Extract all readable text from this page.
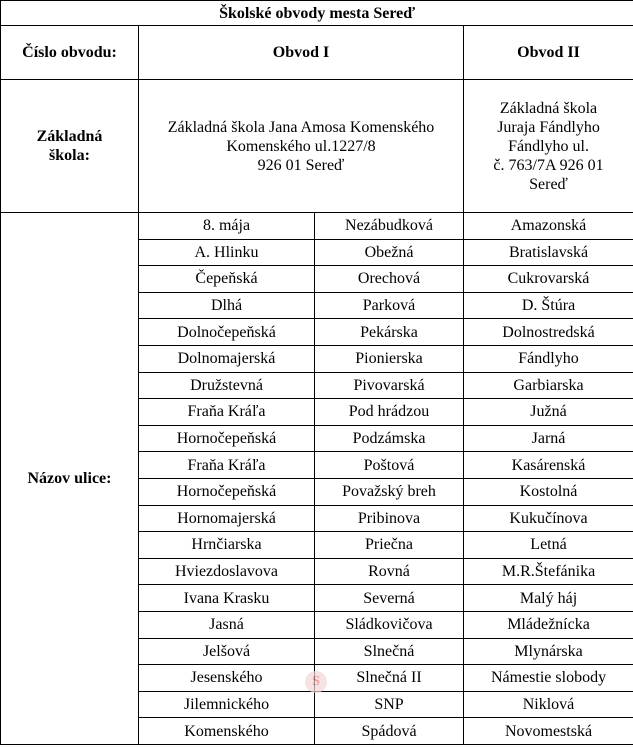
Školské obvody mesta Sereď			
Číslo obvodu:	Obvod I		Obvod II

Základná
škola:	Základná škola Jana Amosa Komenského
Komenského ul.1227/8
926 01 Sereď		Základná škola
Juraja Fándlyho
Fándlyho ul.
č. 763/7A 926 01
Sereď

Názov ulice:	8. mája	Nezábudková	Amazonská
	A. Hlinku	Obežná	Bratislavská
	Čepeňská	Orechová	Cukrovarská
	Dlhá	Parková	D. Štúra
	Dolnočepeňská	Pekárska	Dolnostredská
	Dolnomajerská	Pionierska	Fándlyho
	Družstevná	Pivovarská	Garbiarska
	Fraňa Kráľa	Pod hrádzou	Južná
	Hornočepeňská	Podzámska	Jarná
	Fraňa Kráľa	Poštová	Kasárenská
	Hornočepeňská	Považský breh	Kostolná
	Hornomajerská	Pribinova	Kukučínova
	Hrnčiarska	Priečna	Letná
	Hviezdoslavova	Rovná	M.R.Štefánika
	Ivana Krasku	Severná	Malý háj
	Jasná	Sládkovičova	Mládežnícka
	Jelšová	Slnečná	Mlynárska
	Jesenského	Slnečná II	Námestie slobody
	Jilemnického	SNP	Niklová
	Komenského	Spádová	Novomestská
S
